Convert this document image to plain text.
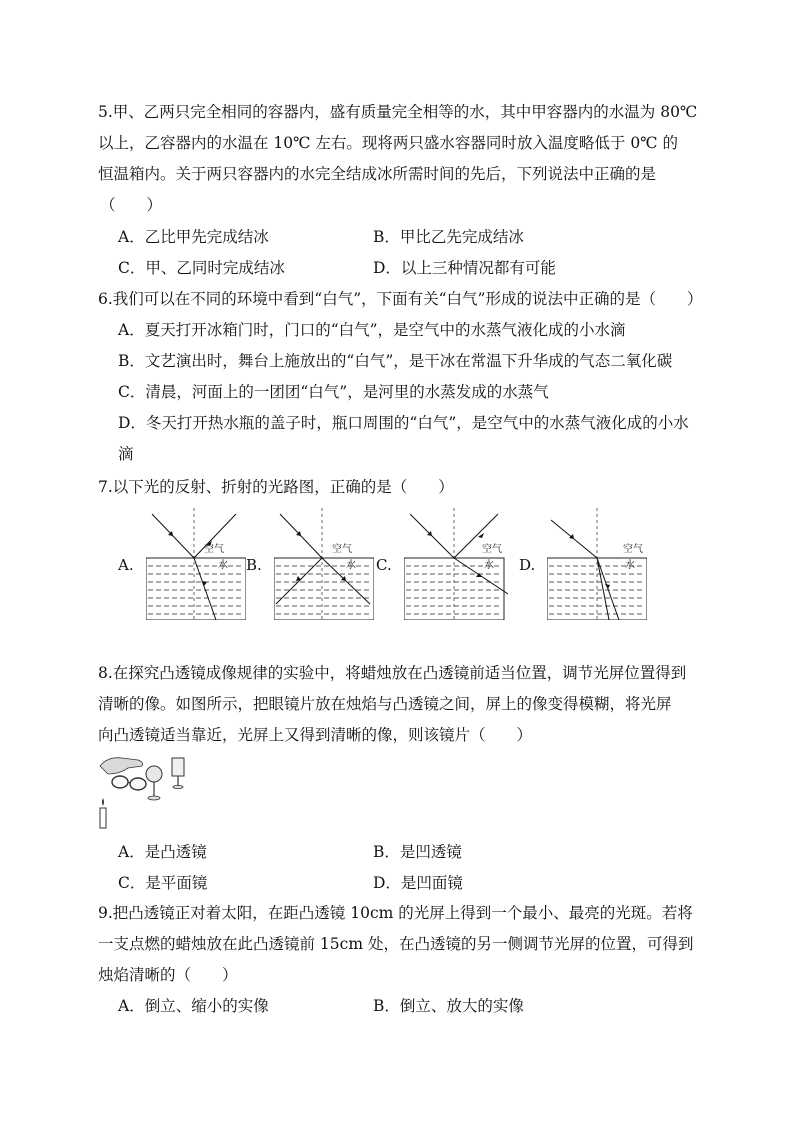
5.甲、乙两只完全相同的容器内，盛有质量完全相等的水，其中甲容器内的水温为 80℃
以上，乙容器内的水温在 10℃ 左右。现将两只盛水容器同时放入温度略低于 0℃ 的
恒温箱内。关于两只容器内的水完全结成冰所需时间的先后，下列说法中正确的是
（　　）
A．乙比甲先完成结冰	B．甲比乙先完成结冰
C．甲、乙同时完成结冰	D．以上三种情况都有可能
6.我们可以在不同的环境中看到“白气”，下面有关“白气”形成的说法中正确的是（　　）
A．夏天打开冰箱门时，门口的“白气”，是空气中的水蒸气液化成的小水滴
B．文艺演出时，舞台上施放出的“白气”，是干冰在常温下升华成的气态二氧化碳
C．清晨，河面上的一团团“白气”，是河里的水蒸发成的水蒸气
D．冬天打开热水瓶的盖子时，瓶口周围的“白气”，是空气中的水蒸气液化成的小水
滴
7.以下光的反射、折射的光路图，正确的是（　　）
A.	B.	C.	D.
空气
水
空气
水
空气
水
空气
水
8.在探究凸透镜成像规律的实验中，将蜡烛放在凸透镜前适当位置，调节光屏位置得到
清晰的像。如图所示，把眼镜片放在烛焰与凸透镜之间，屏上的像变得模糊，将光屏
向凸透镜适当靠近，光屏上又得到清晰的像，则该镜片（　　）
A．是凸透镜	B．是凹透镜
C．是平面镜	D．是凹面镜
9.把凸透镜正对着太阳，在距凸透镜 10cm 的光屏上得到一个最小、最亮的光斑。若将
一支点燃的蜡烛放在此凸透镜前 15cm 处，在凸透镜的另一侧调节光屏的位置，可得到
烛焰清晰的（　　）
A．倒立、缩小的实像	B．倒立、放大的实像
